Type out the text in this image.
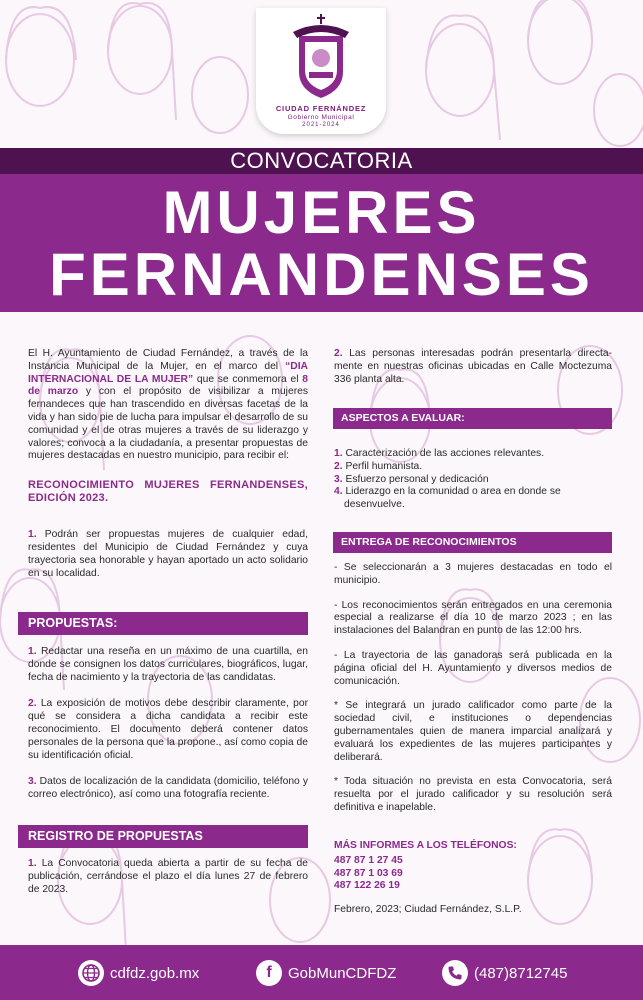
CIUDAD FERNÁNDEZ
Gobierno Municipal
2021-2024
CONVOCATORIA
MUJERES
FERNANDENSES

El H. Ayuntamiento de Ciudad Fernández, a través de la Instancia Municipal de la Mujer, en el marco del “DIA INTERNACIONAL DE LA MUJER” que se conmemora el 8 de marzo y con el propósito de visibilizar a mujeres fernandeces que han trascendido en diversas facetas de la vida y han sido pie de lucha para impulsar el desarrollo de su comunidad y el de otras mujeres a través de su liderazgo y valores; convoca a la ciudadanía, a presentar propuestas de mujeres destacadas en nuestro municipio, para recibir el:

RECONOCIMIENTO MUJERES FERNANDENSES, EDICIÓN 2023.

1. Podrán ser propuestas mujeres de cualquier edad, residentes del Municipio de Ciudad Fernández y cuya trayectoria sea honorable y hayan aportado un acto solidario en su localidad.

PROPUESTAS:

1. Redactar una reseña en un máximo de una cuartilla, en donde se consignen los datos curriculares, biográficos, lugar, fecha de nacimiento y la trayectoria de las candidatas.

2. La exposición de motivos debe describir claramente, por qué se considera a dicha candidata a recibir este reconocimiento. El documento deberá contener datos personales de la persona que la propone., así como copia de su identificación oficial.

3. Datos de localización de la candidata (domicilio, teléfono y correo electrónico), así como una fotografía reciente.

REGISTRO DE PROPUESTAS

1. La Convocatoria queda abierta a partir de su fecha de publicación, cerrándose el plazo el día lunes 27 de febrero de 2023.

2. Las personas interesadas podrán presentarla directa-mente en nuestras oficinas ubicadas en Calle Moctezuma 336 planta alta.

ASPECTOS A EVALUAR:

1. Caracterización de las acciones relevantes.

2. Perfil humanista.

3. Esfuerzo personal y dedicación

4. Liderazgo en la comunidad o area en donde se desenvuelve.

ENTREGA DE RECONOCIMIENTOS

- Se seleccionarán a 3 mujeres destacadas en todo el municipio.

- Los reconocimientos serán entregados en una ceremonia especial a realizarse el día 10 de marzo 2023 ; en las instalaciones del Balandran en punto de las 12:00 hrs.

- La trayectoria de las ganadoras será publicada en la página oficial del H. Ayuntamiento y diversos medios de comunicación.

* Se integrará un jurado calificador como parte de la sociedad civil, e instituciones o dependencias gubernamentales quien de manera imparcial analizará y evaluará los expedientes de las mujeres participantes y deliberará.

* Toda situación no prevista en esta Convocatoria, será resuelta por el jurado calificador y su resolución será definitiva e inapelable.

MÁS INFORMES A LOS TELÉFONOS:

487 87 1 27 45

487 87 1 03 69

487 122 26 19

Febrero, 2023; Ciudad Fernández, S.L.P.
cdfdz.gob.mx	f	GobMunCDFDZ	(487)8712745
